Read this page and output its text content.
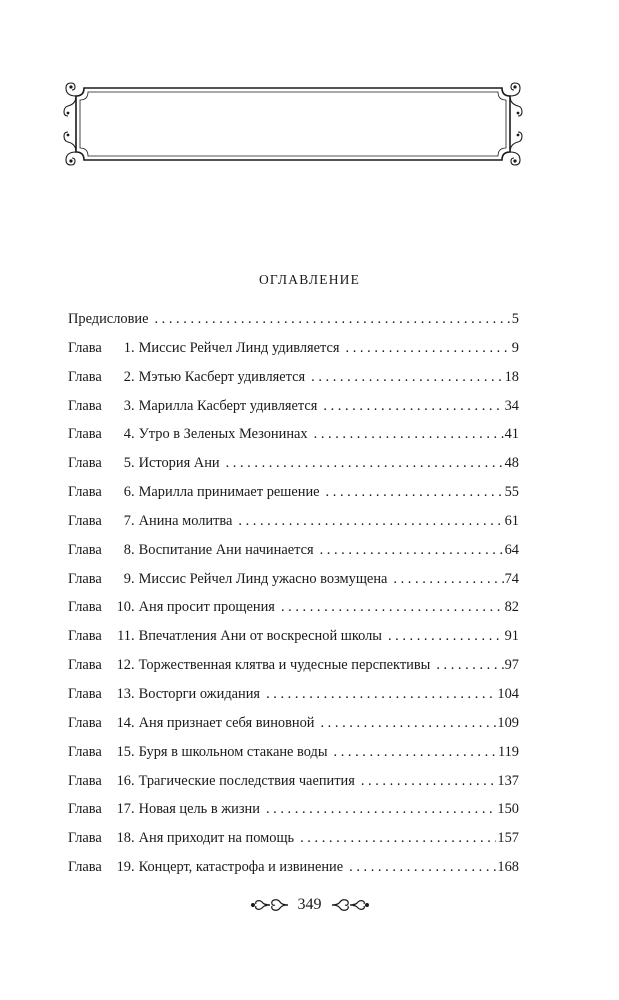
ОГЛАВЛЕНИЕ
Предисловие . . .	5
Глава	1 . Миссис Рейчел Линд удивляется . . .	9
Глава	2 . Мэтью Касберт удивляется . . .	18
Глава	3 . Марилла Касберт удивляется . . .	34
Глава	4 . Утро в Зеленых Мезонинах . . .	41
Глава	5 . История Ани . . .	48
Глава	6 . Марилла принимает решение . . .	55
Глава	7 . Анина молитва . . .	61
Глава	8 . Воспитание Ани начинается . . .	64
Глава	9 . Миссис Рейчел Линд ужасно возмущена . . .	74
Глава	10 . Аня просит прощения . . .	82
Глава	11 . Впечатления Ани от воскресной школы . . .	91
Глава	12 . Торжественная клятва и чудесные перспективы . . .	97
Глава	13 . Восторги ожидания . . .	104
Глава	14 . Аня признает себя виновной . . .	109
Глава	15 . Буря в школьном стакане воды . . .	119
Глава	16 . Трагические последствия чаепития . . .	137
Глава	17 . Новая цель в жизни . . .	150
Глава	18 . Аня приходит на помощь . . .	157
Глава	19 . Концерт, катастрофа и извинение . . .	168
349
